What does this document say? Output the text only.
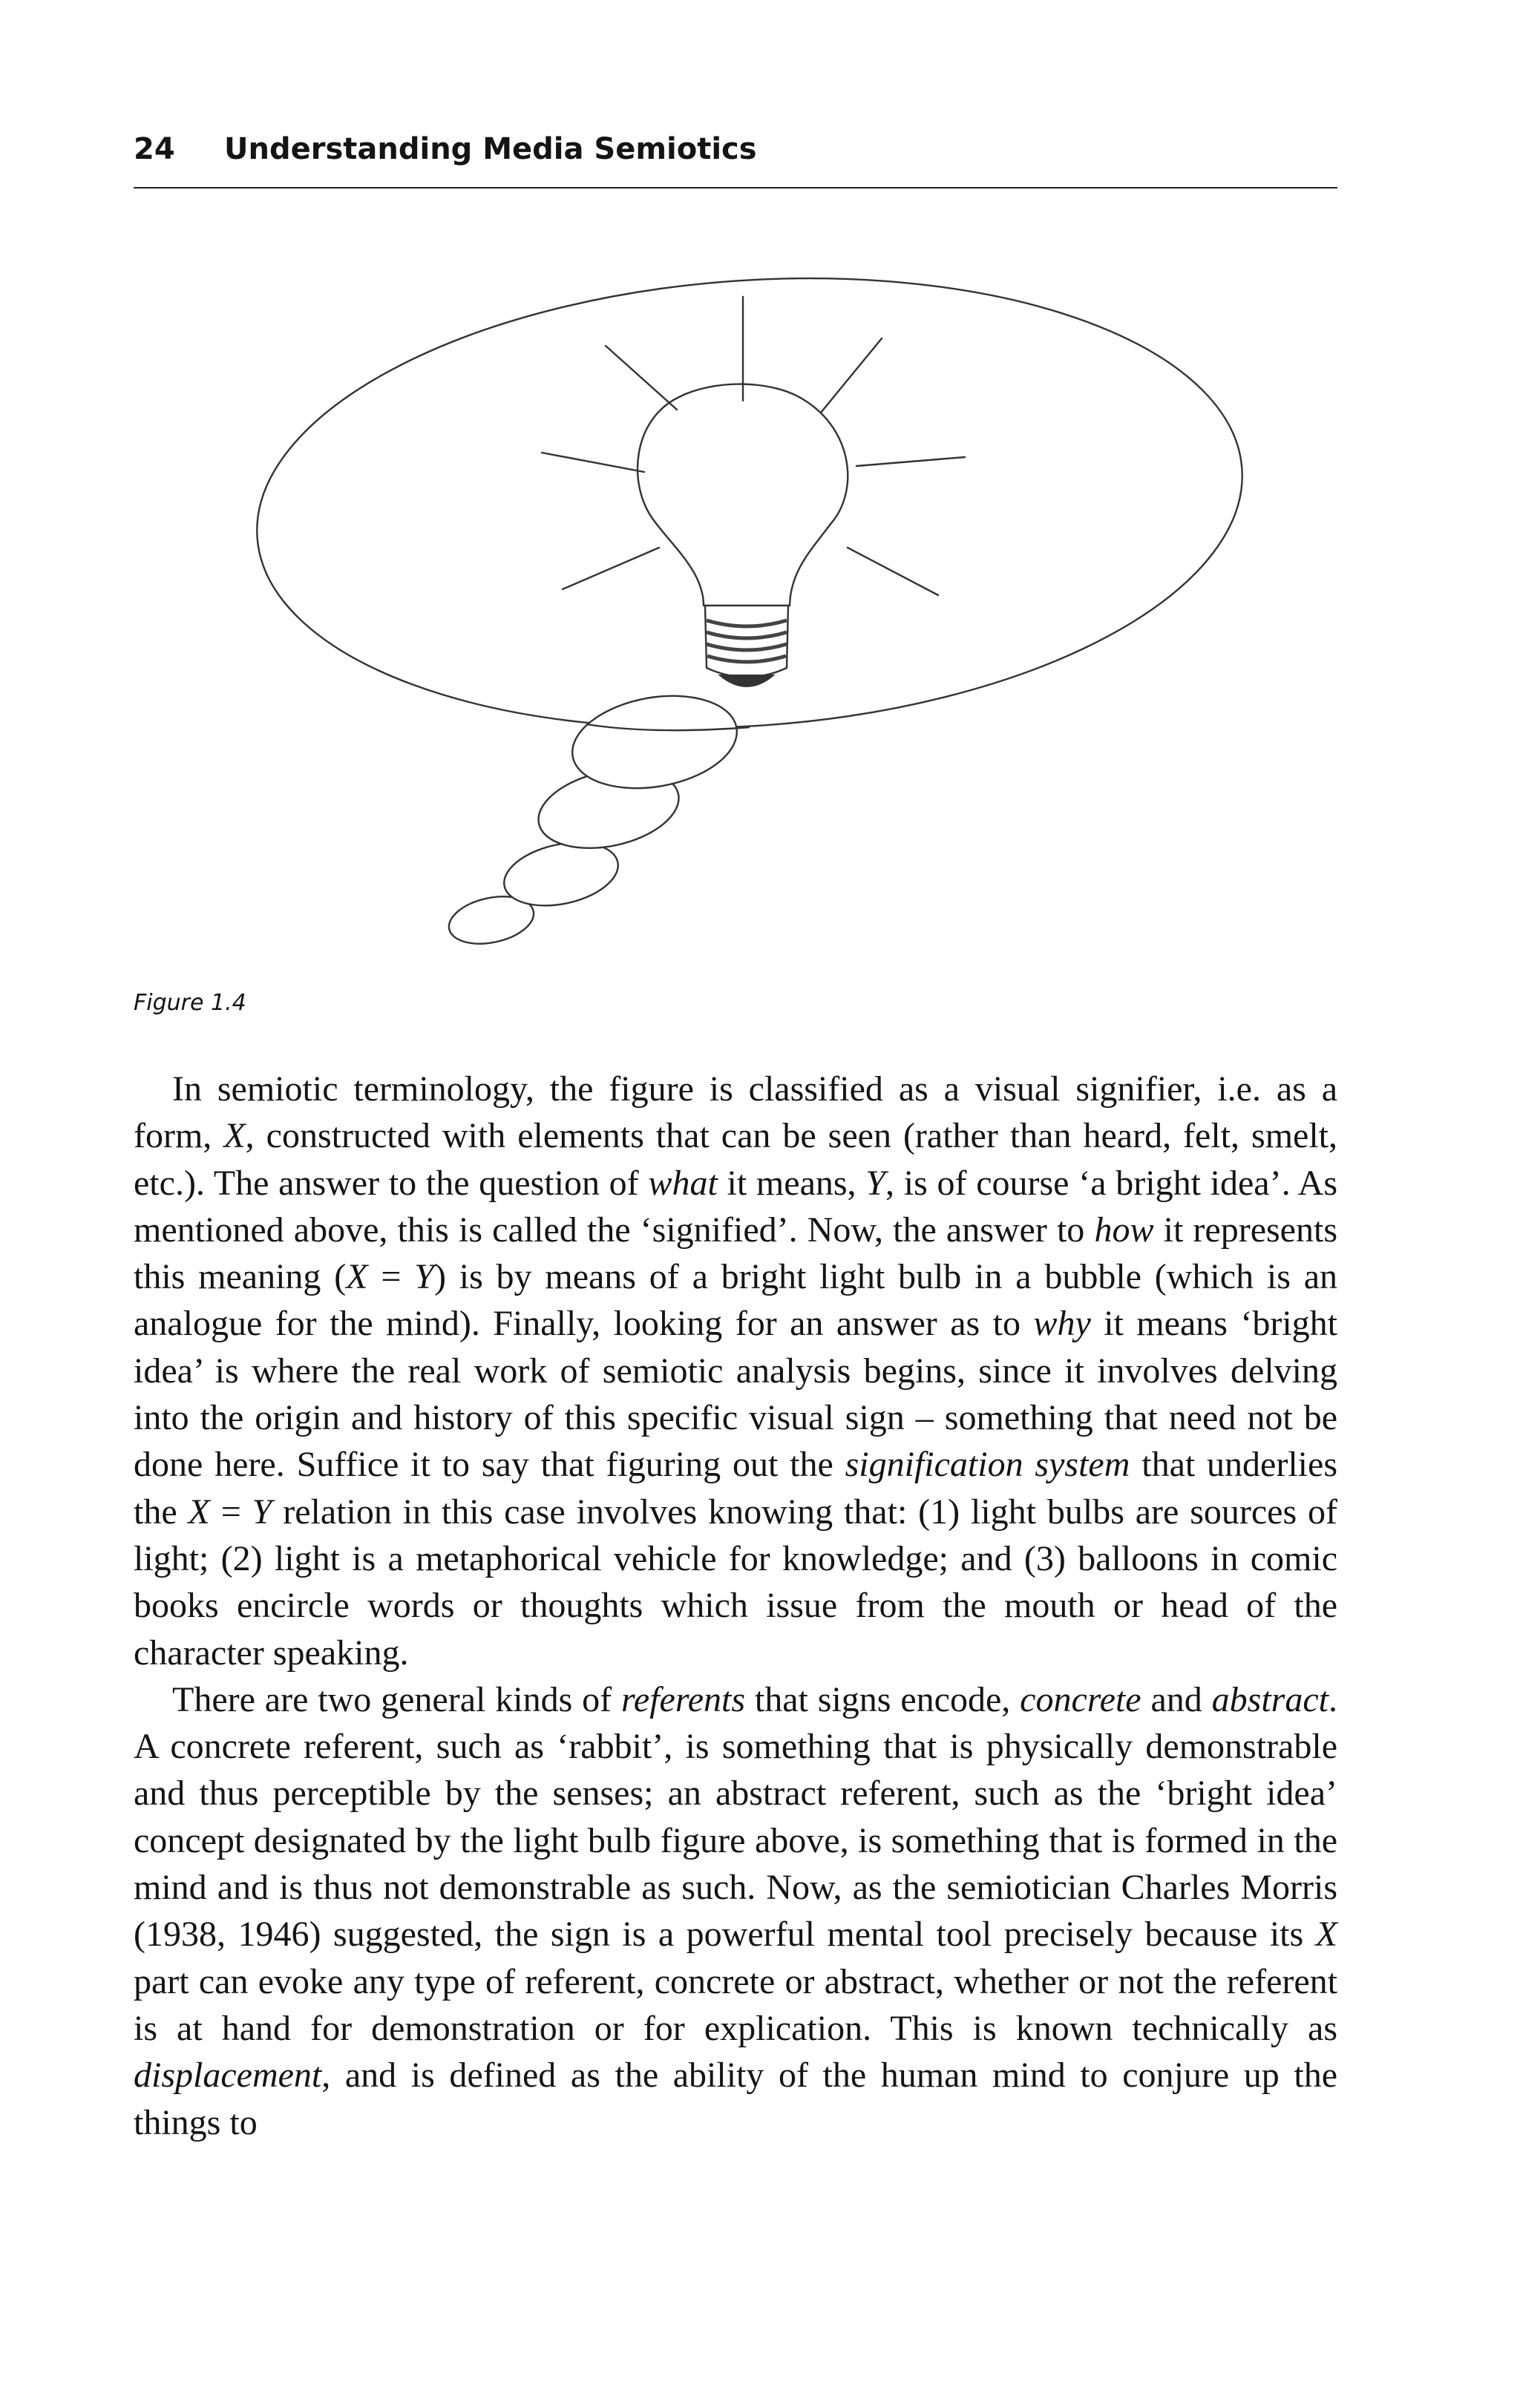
24 Understanding Media Semiotics
Figure 1.4

In semiotic terminology, the figure is classified as a visual signifier, i.e. as a form, X, constructed with elements that can be seen (rather than heard, felt, smelt, etc.). The answer to the question of what it means, Y, is of course ‘a bright idea’. As mentioned above, this is called the ‘signified’. Now, the answer to how it represents this meaning (X = Y) is by means of a bright light bulb in a bubble (which is an analogue for the mind). Finally, looking for an answer as to why it means ‘bright idea’ is where the real work of semiotic analysis begins, since it involves delving into the origin and history of this specific visual sign – something that need not be done here. Suffice it to say that figuring out the signification system that underlies the X = Y relation in this case involves knowing that: (1) light bulbs are sources of light; (2) light is a metaphorical vehicle for knowledge; and (3) balloons in comic books encircle words or thoughts which issue from the mouth or head of the character speaking.

There are two general kinds of referents that signs encode, concrete and abstract. A concrete referent, such as ‘rabbit’, is something that is physically demonstrable and thus perceptible by the senses; an abstract referent, such as the ‘bright idea’ concept designated by the light bulb figure above, is something that is formed in the mind and is thus not demonstrable as such. Now, as the semiotician Charles Morris (1938, 1946) suggested, the sign is a powerful mental tool precisely because its X part can evoke any type of referent, concrete or abstract, whether or not the referent is at hand for demonstration or for explication. This is known technically as displacement, and is defined as the ability of the human mind to conjure up the things to
